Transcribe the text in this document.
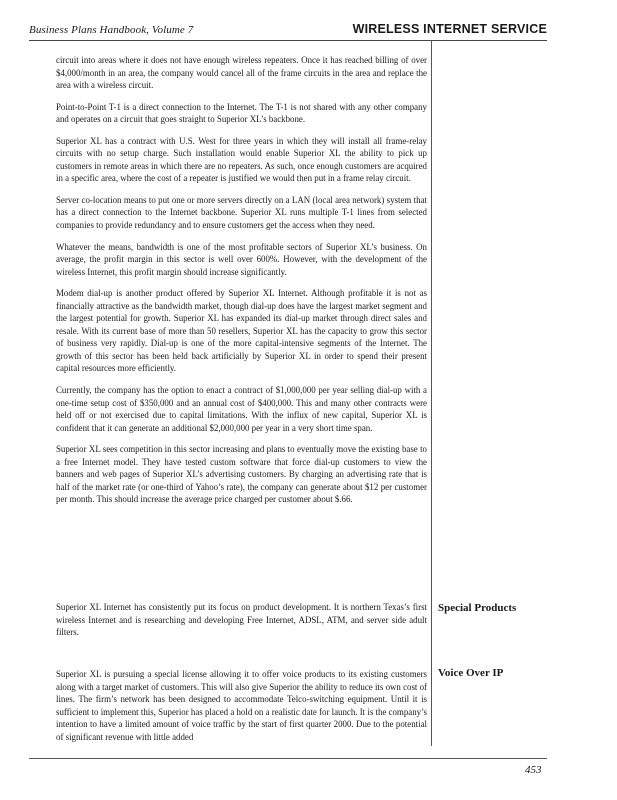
Business Plans Handbook, Volume 7	WIRELESS INTERNET SERVICE

circuit into areas where it does not have enough wireless repeaters. Once it has reached billing of over $4,000/month in an area, the company would cancel all of the frame circuits in the area and replace the area with a wireless circuit.

Point-to-Point T-1 is a direct connection to the Internet. The T-1 is not shared with any other company and operates on a circuit that goes straight to Superior XL’s backbone.

Superior XL has a contract with U.S. West for three years in which they will install all frame-relay circuits with no setup charge. Such installation would enable Superior XL the ability to pick up customers in remote areas in which there are no repeaters. As such, once enough customers are acquired in a specific area, where the cost of a repeater is justified we would then put in a frame relay circuit.

Server co-location means to put one or more servers directly on a LAN (local area network) system that has a direct connection to the Internet backbone. Superior XL runs multiple T-1 lines from selected companies to provide redundancy and to ensure customers get the access when they need.

Whatever the means, bandwidth is one of the most profitable sectors of Superior XL’s business. On average, the profit margin in this sector is well over 600%. However, with the development of the wireless Internet, this profit margin should increase significantly.

Modem dial-up is another product offered by Superior XL Internet. Although profitable it is not as financially attractive as the bandwidth market, though dial-up does have the largest market segment and the largest potential for growth. Superior XL has expanded its dial-up market through direct sales and resale. With its current base of more than 50 resellers, Superior XL has the capacity to grow this sector of business very rapidly. Dial-up is one of the more capital-intensive segments of the Internet. The growth of this sector has been held back artificially by Superior XL in order to spend their present capital resources more efficiently.

Currently, the company has the option to enact a contract of $1,000,000 per year selling dial-up with a one-time setup cost of $350,000 and an annual cost of $400,000. This and many other contracts were held off or not exercised due to capital limitations. With the influx of new capital, Superior XL is confident that it can generate an additional $2,000,000 per year in a very short time span.

Superior XL sees competition in this sector increasing and plans to eventually move the existing base to a free Internet model. They have tested custom software that force dial-up customers to view the banners and web pages of Superior XL’s advertising customers. By charging an advertising rate that is half of the market rate (or one-third of Yahoo’s rate), the company can generate about $12 per customer per month. This should increase the average price charged per customer about $.66.

Superior XL Internet has consistently put its focus on product development. It is northern Texas’s first wireless Internet and is researching and developing Free Internet, ADSL, ATM, and server side adult filters.

Special Products

Superior XL is pursuing a special license allowing it to offer voice products to its existing customers along with a target market of customers. This will also give Superior the ability to reduce its own cost of lines. The firm’s network has been designed to accommodate Telco-switching equipment. Until it is sufficient to implement this, Superior has placed a hold on a realistic date for launch. It is the company’s intention to have a limited amount of voice traffic by the start of first quarter 2000. Due to the potential of significant revenue with little added

Voice Over IP
453
